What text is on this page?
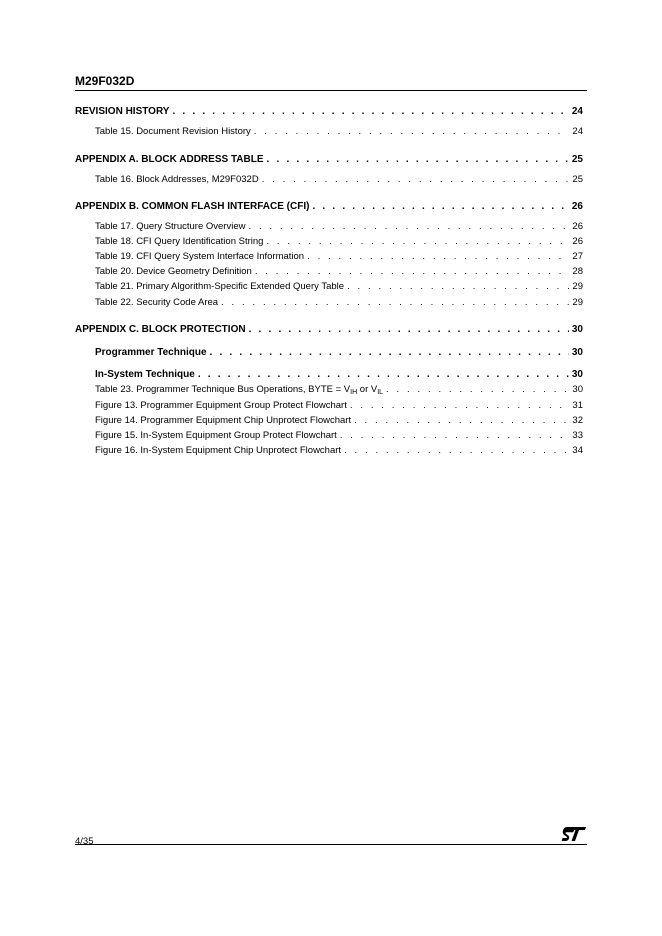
M29F032D
REVISION HISTORY . . .	24
Table 15. Document Revision History . . .	24
APPENDIX A. BLOCK ADDRESS TABLE . . .	25
Table 16. Block Addresses, M29F032D . . .	25
APPENDIX B. COMMON FLASH INTERFACE (CFI) . . .	26
Table 17. Query Structure Overview . . .	26
Table 18. CFI Query Identification String . . .	26
Table 19. CFI Query System Interface Information . . .	27
Table 20. Device Geometry Definition . . .	28
Table 21. Primary Algorithm-Specific Extended Query Table . . .	29
Table 22. Security Code Area . . .	29
APPENDIX C. BLOCK PROTECTION . . .	30
Programmer Technique . . .	30
In-System Technique . . .	30
Table 23. Programmer Technique Bus Operations, BYTE = $V_{IH}$ or $V_{IL}$ . . .	30
Figure 13. Programmer Equipment Group Protect Flowchart . . .	31
Figure 14. Programmer Equipment Chip Unprotect Flowchart . . .	32
Figure 15. In-System Equipment Group Protect Flowchart . . .	33
Figure 16. In-System Equipment Chip Unprotect Flowchart . . .	34
4/35
